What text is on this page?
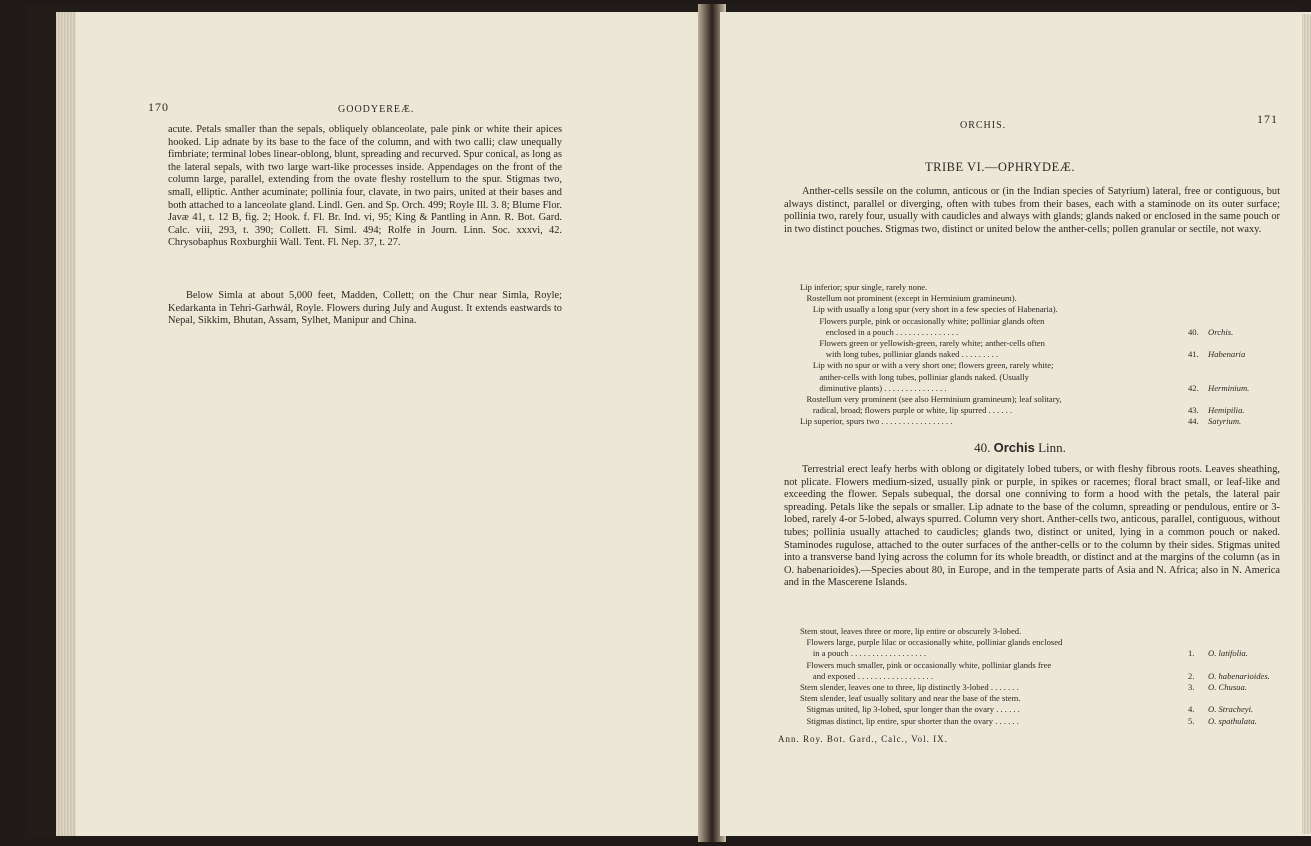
170	GOODYEREÆ.
acute. Petals smaller than the sepals, obliquely oblanceolate, pale pink or white their apices hooked. Lip adnate by its base to the face of the column, and with two calli; claw unequally fimbriate; terminal lobes linear-oblong, blunt, spreading and recurved. Spur conical, as long as the lateral sepals, with two large wart-like processes inside. Appendages on the front of the column large, parallel, extending from the ovate fleshy rostellum to the spur. Stigmas two, small, elliptic. Anther acuminate; pollinia four, clavate, in two pairs, united at their bases and both attached to a lanceolate gland. Lindl. Gen. and Sp. Orch. 499; Royle Ill. 3. 8; Blume Flor. Javæ 41, t. 12 B, fig. 2; Hook. f. Fl. Br. Ind. vi, 95; King & Pantling in Ann. R. Bot. Gard. Calc. viii, 293, t. 390; Collett. Fl. Siml. 494; Rolfe in Journ. Linn. Soc. xxxvi, 42. Chrysobaphus Roxburghii Wall. Tent. Fl. Nep. 37, t. 27.
Below Simla at about 5,000 feet, Madden, Collett; on the Chur near Simla, Royle; Kedarkanta in Tehri-Garhwál, Royle. Flowers during July and August. It extends eastwards to Nepal, Sikkim, Bhutan, Assam, Sylhet, Manipur and China.
ORCHIS.	171
TRIBE VI.—OPHRYDEÆ.
Anther-cells sessile on the column, anticous or (in the Indian species of Satyrium) lateral, free or contiguous, but always distinct, parallel or diverging, often with tubes from their bases, each with a staminode on its outer surface; pollinia two, rarely four, usually with caudicles and always with glands; glands naked or enclosed in the same pouch or in two distinct pouches. Stigmas two, distinct or united below the anther-cells; pollen granular or sectile, not waxy.
Lip inferior; spur single, rarely none.
Rostellum not prominent (except in Herminium gramineum).
Lip with usually a long spur (very short in a few species of Habenaria).
Flowers purple, pink or occasionally white; polliniar glands often
enclosed in a pouch . . . . . . . . . . . . . . .	40. Orchis.
Flowers green or yellowish-green, rarely white; anther-cells often
with long tubes, polliniar glands naked . . . . . . . . .	41. Habenaria
Lip with no spur or with a very short one; flowers green, rarely white;
anther-cells with long tubes, polliniar glands naked. (Usually
diminutive plants) . . . . . . . . . . . . . . .	42. Herminium.
Rostellum very prominent (see also Herminium gramineum); leaf solitary,
radical, broad; flowers purple or white, lip spurred . . . . . .	43. Hemipilia.
Lip superior, spurs two . . . . . . . . . . . . . . . . .	44. Satyrium.
40. Orchis Linn.
Terrestrial erect leafy herbs with oblong or digitately lobed tubers, or with fleshy fibrous roots. Leaves sheathing, not plicate. Flowers medium-sized, usually pink or purple, in spikes or racemes; floral bract small, or leaf-like and exceeding the flower. Sepals subequal, the dorsal one conniving to form a hood with the petals, the lateral pair spreading. Petals like the sepals or smaller. Lip adnate to the base of the column, spreading or pendulous, entire or 3-lobed, rarely 4-or 5-lobed, always spurred. Column very short. Anther-cells two, anticous, parallel, contiguous, without tubes; pollinia usually attached to caudicles; glands two, distinct or united, lying in a common pouch or naked. Staminodes rugulose, attached to the outer surfaces of the anther-cells or to the column by their sides. Stigmas united into a transverse band lying across the column for its whole breadth, or distinct and at the margins of the column (as in O. habenarioides).—Species about 80, in Europe, and in the temperate parts of Asia and N. Africa; also in N. America and in the Mascerene Islands.
Stem stout, leaves three or more, lip entire or obscurely 3-lobed.
Flowers large, purple lilac or occasionally white, polliniar glands enclosed
in a pouch . . . . . . . . . . . . . . . . . .	1. O. latifolia.
Flowers much smaller, pink or occasionally white, polliniar glands free
and exposed . . . . . . . . . . . . . . . . . .	2. O. habenarioides.
Stem slender, leaves one to three, lip distinctly 3-lobed . . . . . . .	3. O. Chusua.
Stem slender, leaf usually solitary and near the base of the stem.
Stigmas united, lip 3-lobed, spur longer than the ovary . . . . . .	4. O. Stracheyi.
Stigmas distinct, lip entire, spur shorter than the ovary . . . . . .	5. O. spathulata.
Ann. Roy. Bot. Gard., Calc., Vol. IX.
